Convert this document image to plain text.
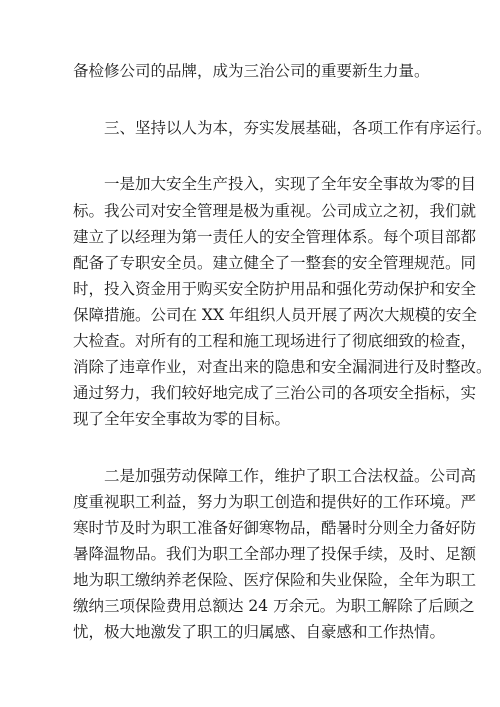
备检修公司的品牌，成为三治公司的重要新生力量。

三、坚持以人为本，夯实发展基础，各项工作有序运行。

一是加大安全生产投入，实现了全年安全事故为零的目

标。我公司对安全管理是极为重视。公司成立之初，我们就

建立了以经理为第一责任人的安全管理体系。每个项目部都

配备了专职安全员。建立健全了一整套的安全管理规范。同

时，投入资金用于购买安全防护用品和强化劳动保护和安全

保障措施。公司在 XX 年组织人员开展了两次大规模的安全

大检查。对所有的工程和施工现场进行了彻底细致的检查，

消除了违章作业，对查出来的隐患和安全漏洞进行及时整改。

通过努力，我们较好地完成了三治公司的各项安全指标，实

现了全年安全事故为零的目标。

二是加强劳动保障工作，维护了职工合法权益。公司高

度重视职工利益，努力为职工创造和提供好的工作环境。严

寒时节及时为职工准备好御寒物品，酷暑时分则全力备好防

暑降温物品。我们为职工全部办理了投保手续，及时、足额

地为职工缴纳养老保险、医疗保险和失业保险，全年为职工

缴纳三项保险费用总额达 24 万余元。为职工解除了后顾之

忧，极大地激发了职工的归属感、自豪感和工作热情。
